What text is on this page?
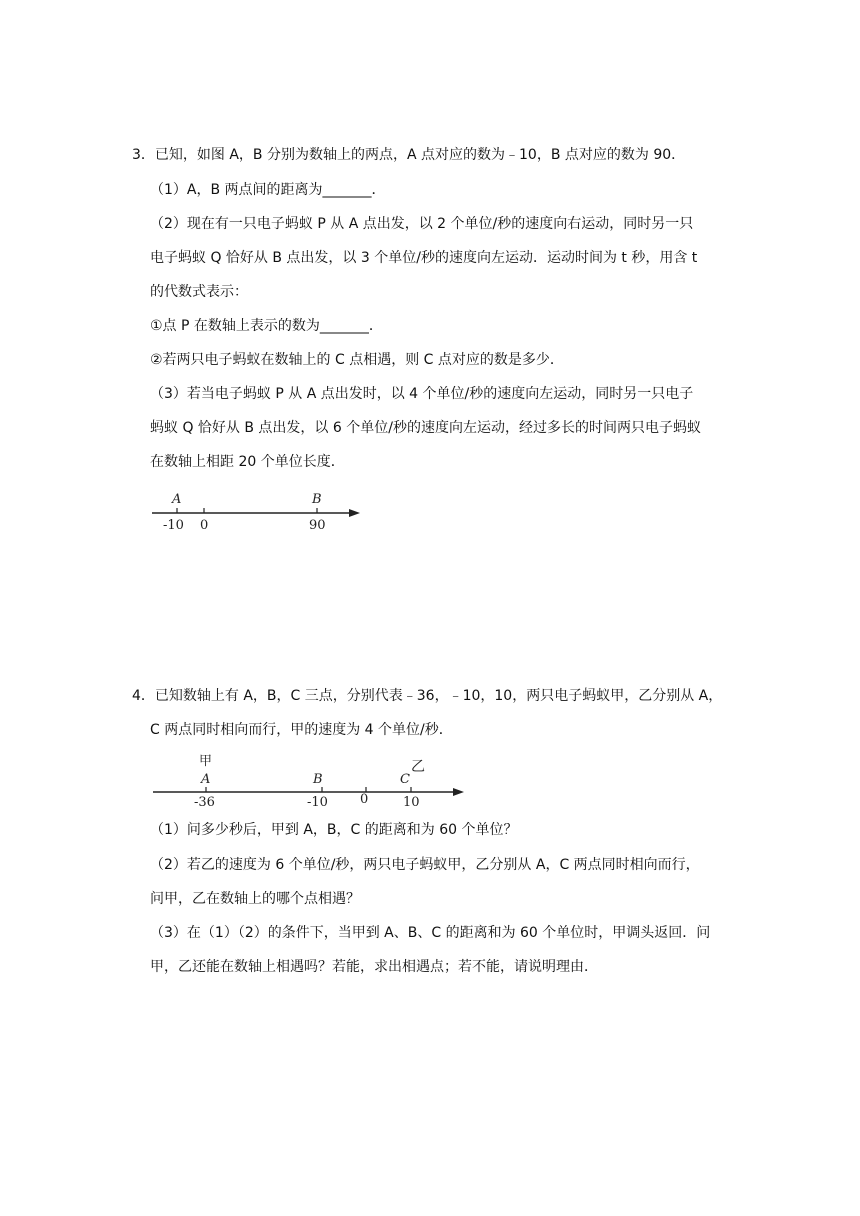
3．已知，如图 A，B 分别为数轴上的两点，A 点对应的数为﹣10，B 点对应的数为 90．
（1）A，B 两点间的距离为_______．
（2）现在有一只电子蚂蚁 P 从 A 点出发，以 2 个单位/秒的速度向右运动，同时另一只
电子蚂蚁 Q 恰好从 B 点出发，以 3 个单位/秒的速度向左运动．运动时间为 t 秒，用含 t
的代数式表示：
①点 P 在数轴上表示的数为_______．
②若两只电子蚂蚁在数轴上的 C 点相遇，则 C 点对应的数是多少．
（3）若当电子蚂蚁 P 从 A 点出发时，以 4 个单位/秒的速度向左运动，同时另一只电子
蚂蚁 Q 恰好从 B 点出发，以 6 个单位/秒的速度向左运动，经过多长的时间两只电子蚂蚁
在数轴上相距 20 个单位长度．
A	B
-10 0	90
4．已知数轴上有 A，B，C 三点，分别代表﹣36，﹣10，10，两只电子蚂蚁甲，乙分别从 A，
C 两点同时相向而行，甲的速度为 4 个单位/秒．
甲	乙
A	B	C
-36	-10 0	10
（1）问多少秒后，甲到 A，B，C 的距离和为 60 个单位？
（2）若乙的速度为 6 个单位/秒，两只电子蚂蚁甲，乙分别从 A，C 两点同时相向而行，
问甲，乙在数轴上的哪个点相遇？
（3）在（1）（2）的条件下，当甲到 A、B、C 的距离和为 60 个单位时，甲调头返回．问
甲，乙还能在数轴上相遇吗？若能，求出相遇点；若不能，请说明理由．
